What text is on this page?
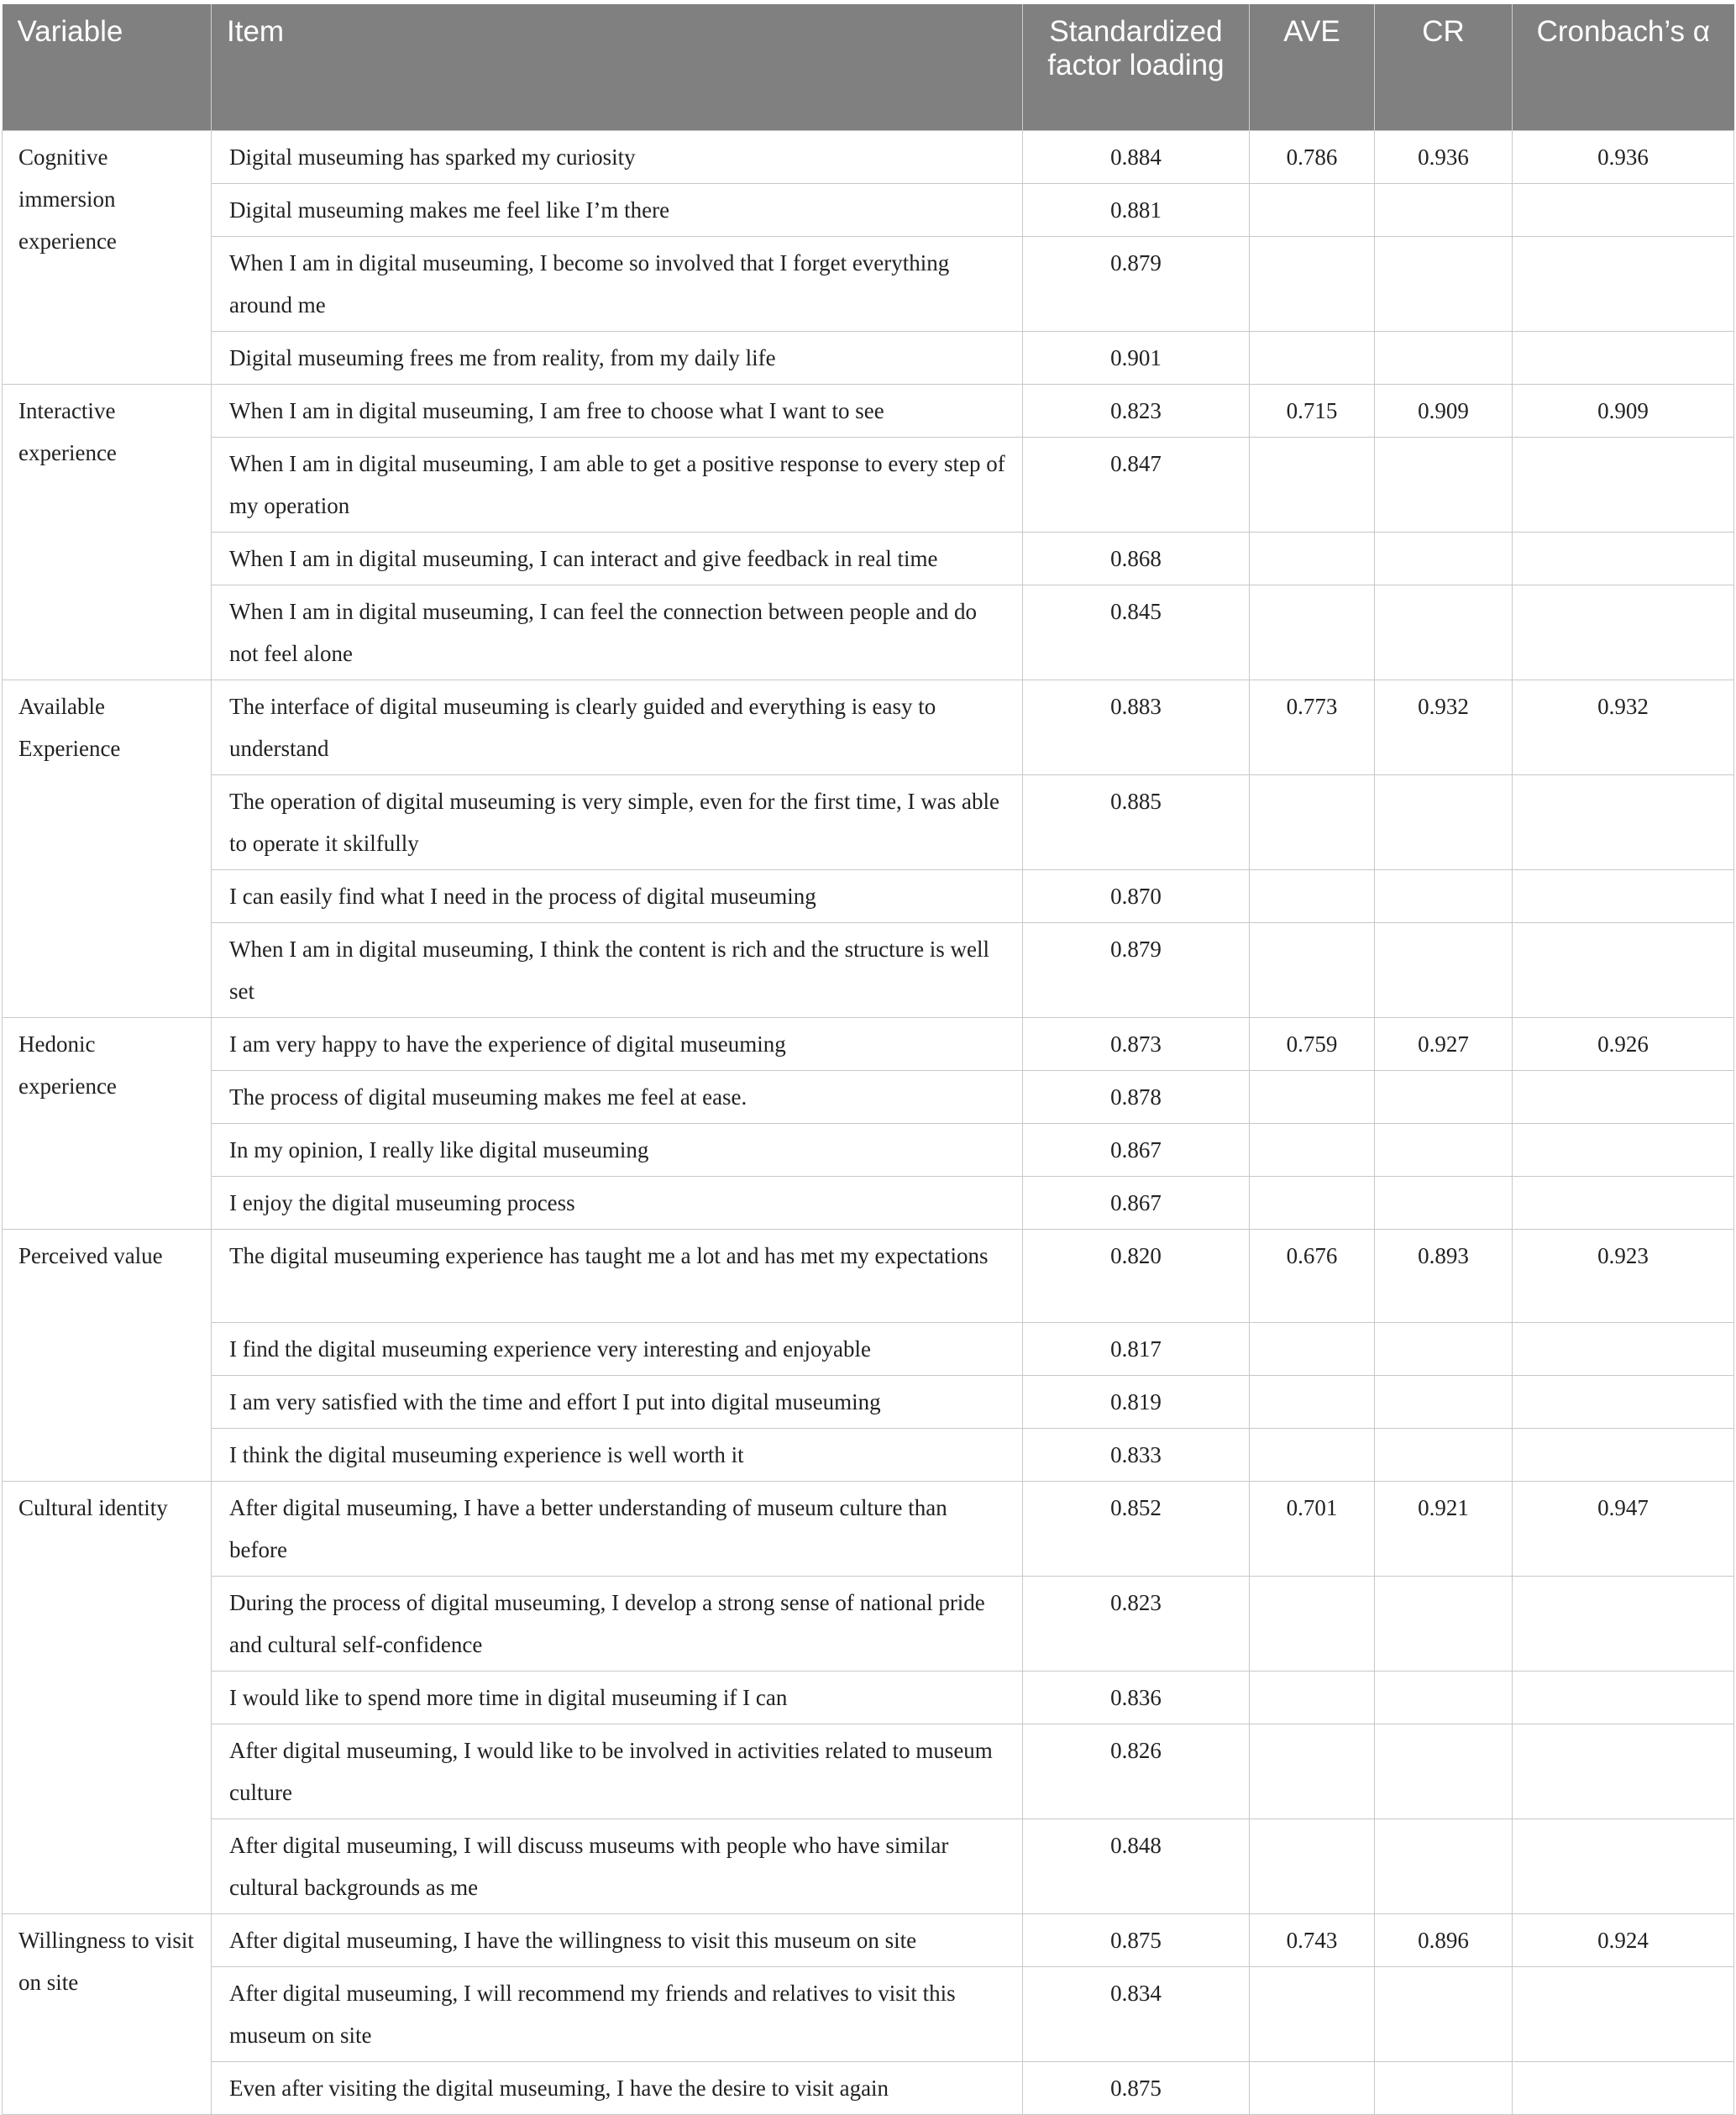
Variable	Item	Standardized factor loading	AVE	CR	Cronbach’s α
Cognitive immersion experience	Digital museuming has sparked my curiosity	0.884	0.786	0.936	0.936
	Digital museuming makes me feel like I’m there	0.881			
	When I am in digital museuming, I become so involved that I forget everything around me	0.879			
	Digital museuming frees me from reality, from my daily life	0.901			
Interactive experience	When I am in digital museuming, I am free to choose what I want to see	0.823	0.715	0.909	0.909
	When I am in digital museuming, I am able to get a positive response to every step of my operation	0.847			
	When I am in digital museuming, I can interact and give feedback in real time	0.868			
	When I am in digital museuming, I can feel the connection between people and do not feel alone	0.845			
Available Experience	The interface of digital museuming is clearly guided and everything is easy to understand	0.883	0.773	0.932	0.932
	The operation of digital museuming is very simple, even for the first time, I was able to operate it skilfully	0.885			
	I can easily find what I need in the process of digital museuming	0.870			
	When I am in digital museuming, I think the content is rich and the structure is well set	0.879			
Hedonic experience	I am very happy to have the experience of digital museuming	0.873	0.759	0.927	0.926
	The process of digital museuming makes me feel at ease.	0.878			
	In my opinion, I really like digital museuming	0.867			
	I enjoy the digital museuming process	0.867			
Perceived value	The digital museuming experience has taught me a lot and has met my expectations	0.820	0.676	0.893	0.923
	I find the digital museuming experience very interesting and enjoyable	0.817			
	I am very satisfied with the time and effort I put into digital museuming	0.819			
	I think the digital museuming experience is well worth it	0.833			
Cultural identity	After digital museuming, I have a better understanding of museum culture than before	0.852	0.701	0.921	0.947
	During the process of digital museuming, I develop a strong sense of national pride and cultural self-confidence	0.823			
	I would like to spend more time in digital museuming if I can	0.836			
	After digital museuming, I would like to be involved in activities related to museum culture	0.826			
	After digital museuming, I will discuss museums with people who have similar cultural backgrounds as me	0.848			
Willingness to visit on site	After digital museuming, I have the willingness to visit this museum on site	0.875	0.743	0.896	0.924
	After digital museuming, I will recommend my friends and relatives to visit this museum on site	0.834			
	Even after visiting the digital museuming, I have the desire to visit again	0.875			
